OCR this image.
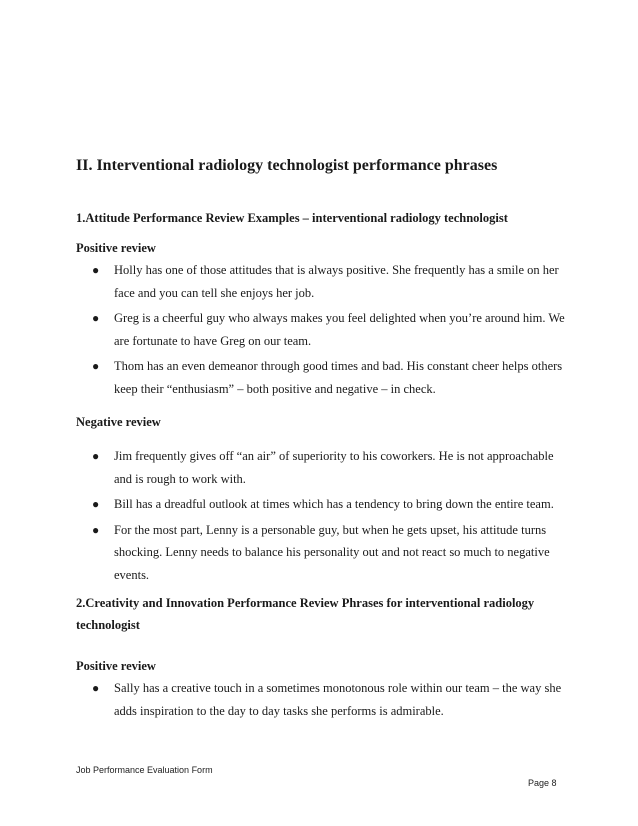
II. Interventional radiology technologist performance phrases

1.Attitude Performance Review Examples – interventional radiology technologist

Positive review

● Holly has one of those attitudes that is always positive. She frequently has a smile on her face and you can tell she enjoys her job.
● Greg is a cheerful guy who always makes you feel delighted when you’re around him. We are fortunate to have Greg on our team.
● Thom has an even demeanor through good times and bad. His constant cheer helps others keep their “enthusiasm” – both positive and negative – in check.

Negative review

● Jim frequently gives off “an air” of superiority to his coworkers. He is not approachable and is rough to work with.
● Bill has a dreadful outlook at times which has a tendency to bring down the entire team.
● For the most part, Lenny is a personable guy, but when he gets upset, his attitude turns shocking. Lenny needs to balance his personality out and not react so much to negative events.

2.Creativity and Innovation Performance Review Phrases for interventional radiology technologist

Positive review

● Sally has a creative touch in a sometimes monotonous role within our team – the way she adds inspiration to the day to day tasks she performs is admirable.
Job Performance Evaluation Form
Page 8
